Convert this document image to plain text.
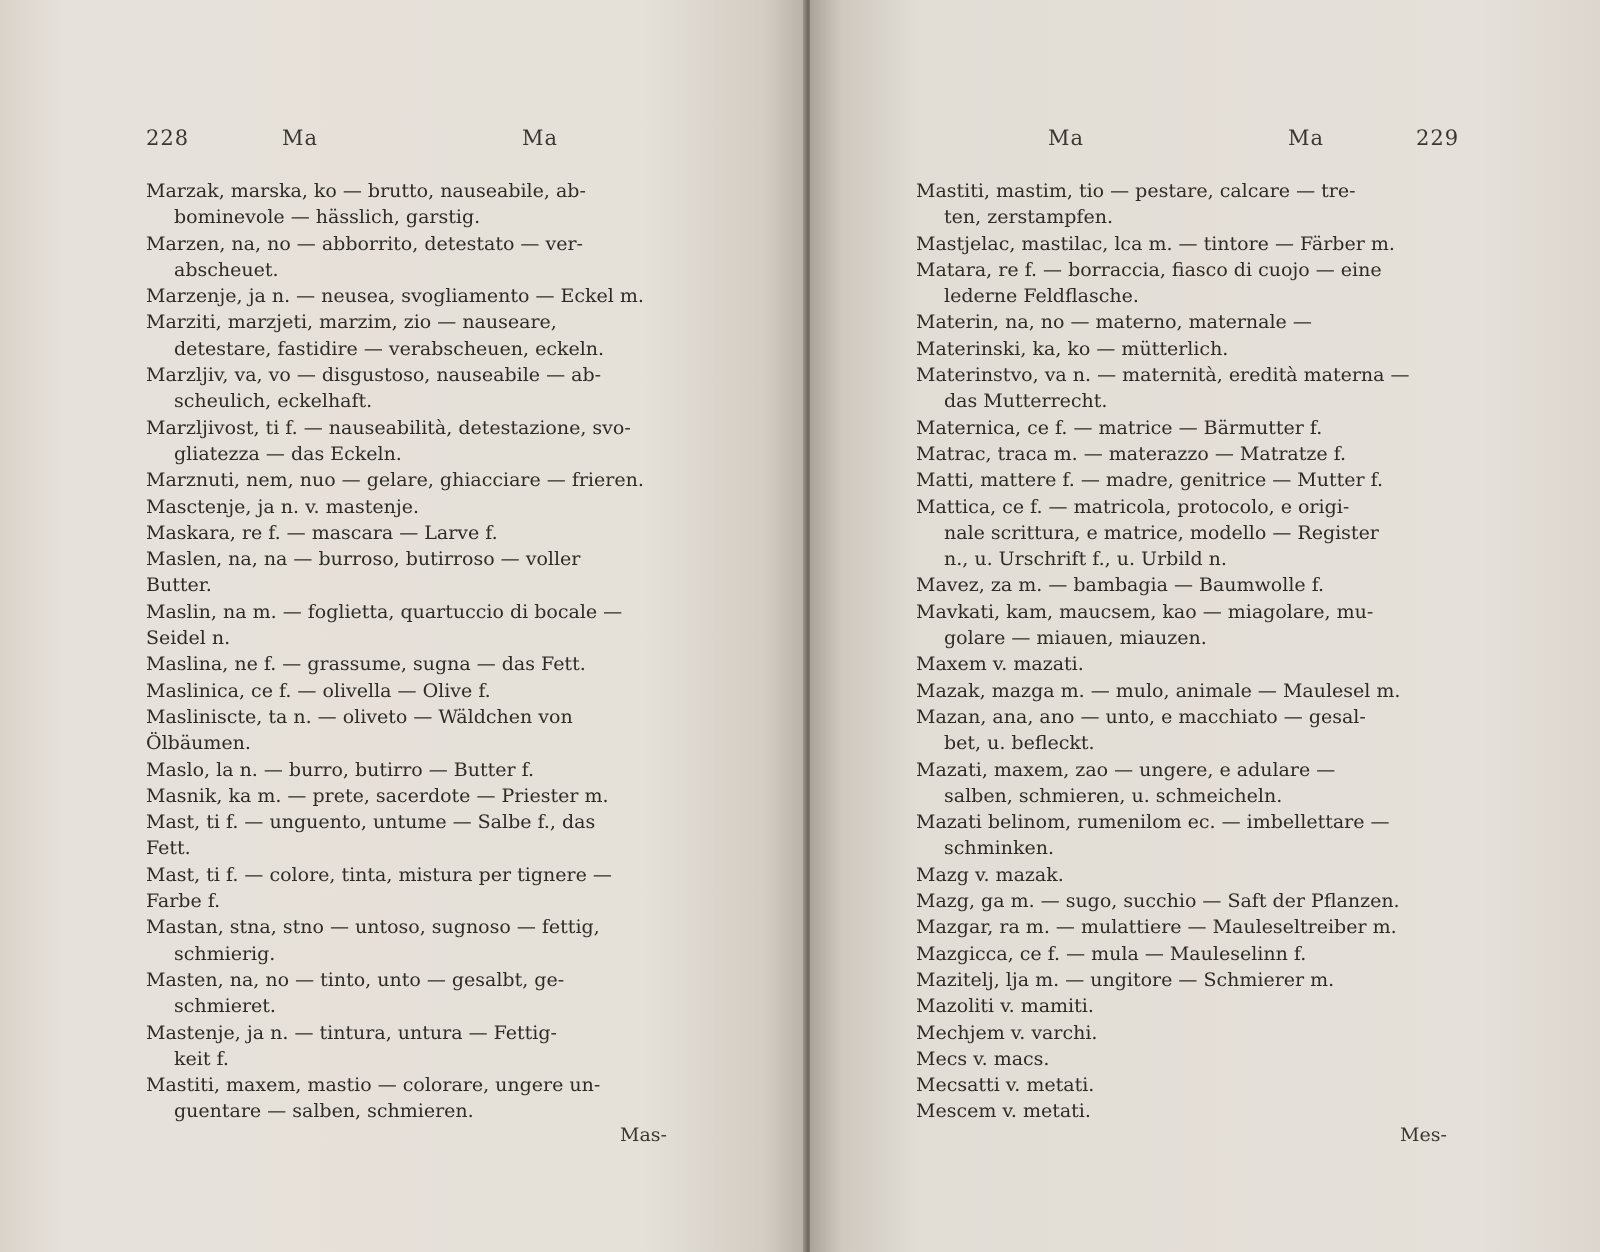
228	Ma	Ma
Marzak, marska, ko — brutto, nauseabile, ab-
bominevole — hässlich, garstig.
Marzen, na, no — abborrito, detestato — ver-
abscheuet.
Marzenje, ja n. — neusea, svogliamento — Eckel m.
Marziti, marzjeti, marzim, zio — nauseare,
detestare, fastidire — verabscheuen, eckeln.
Marzljiv, va, vo — disgustoso, nauseabile — ab-
scheulich, eckelhaft.
Marzljivost, ti f. — nauseabilità, detestazione, svo-
gliatezza — das Eckeln.
Marznuti, nem, nuo — gelare, ghiacciare — frieren.
Masctenje, ja n. v. mastenje.
Maskara, re f. — mascara — Larve f.
Maslen, na, na — burroso, butirroso — voller
Butter.
Maslin, na m. — foglietta, quartuccio di bocale —
Seidel n.
Maslina, ne f. — grassume, sugna — das Fett.
Maslinica, ce f. — olivella — Olive f.
Masliniscte, ta n. — oliveto — Wäldchen von
Ölbäumen.
Maslo, la n. — burro, butirro — Butter f.
Masnik, ka m. — prete, sacerdote — Priester m.
Mast, ti f. — unguento, untume — Salbe f., das
Fett.
Mast, ti f. — colore, tinta, mistura per tignere —
Farbe f.
Mastan, stna, stno — untoso, sugnoso — fettig,
schmierig.
Masten, na, no — tinto, unto — gesalbt, ge-
schmieret.
Mastenje, ja n. — tintura, untura — Fettig-
keit f.
Mastiti, maxem, mastio — colorare, ungere un-
guentare — salben, schmieren.
Mas-
Ma	Ma	229
Mastiti, mastim, tio — pestare, calcare — tre-
ten, zerstampfen.
Mastjelac, mastilac, lca m. — tintore — Färber m.
Matara, re f. — borraccia, fiasco di cuojo — eine
lederne Feldflasche.
Materin, na, no — materno, maternale —
Materinski, ka, ko — mütterlich.
Materinstvo, va n. — maternità, eredità materna —
das Mutterrecht.
Maternica, ce f. — matrice — Bärmutter f.
Matrac, traca m. — materazzo — Matratze f.
Matti, mattere f. — madre, genitrice — Mutter f.
Mattica, ce f. — matricola, protocolo, e origi-
nale scrittura, e matrice, modello — Register
n., u. Urschrift f., u. Urbild n.
Mavez, za m. — bambagia — Baumwolle f.
Mavkati, kam, maucsem, kao — miagolare, mu-
golare — miauen, miauzen.
Maxem v. mazati.
Mazak, mazga m. — mulo, animale — Maulesel m.
Mazan, ana, ano — unto, e macchiato — gesal-
bet, u. befleckt.
Mazati, maxem, zao — ungere, e adulare —
salben, schmieren, u. schmeicheln.
Mazati belinom, rumenilom ec. — imbellettare —
schminken.
Mazg v. mazak.
Mazg, ga m. — sugo, succhio — Saft der Pflanzen.
Mazgar, ra m. — mulattiere — Mauleseltreiber m.
Mazgicca, ce f. — mula — Mauleselinn f.
Mazitelj, lja m. — ungitore — Schmierer m.
Mazoliti v. mamiti.
Mechjem v. varchi.
Mecs v. macs.
Mecsatti v. metati.
Mescem v. metati.
Mes-
